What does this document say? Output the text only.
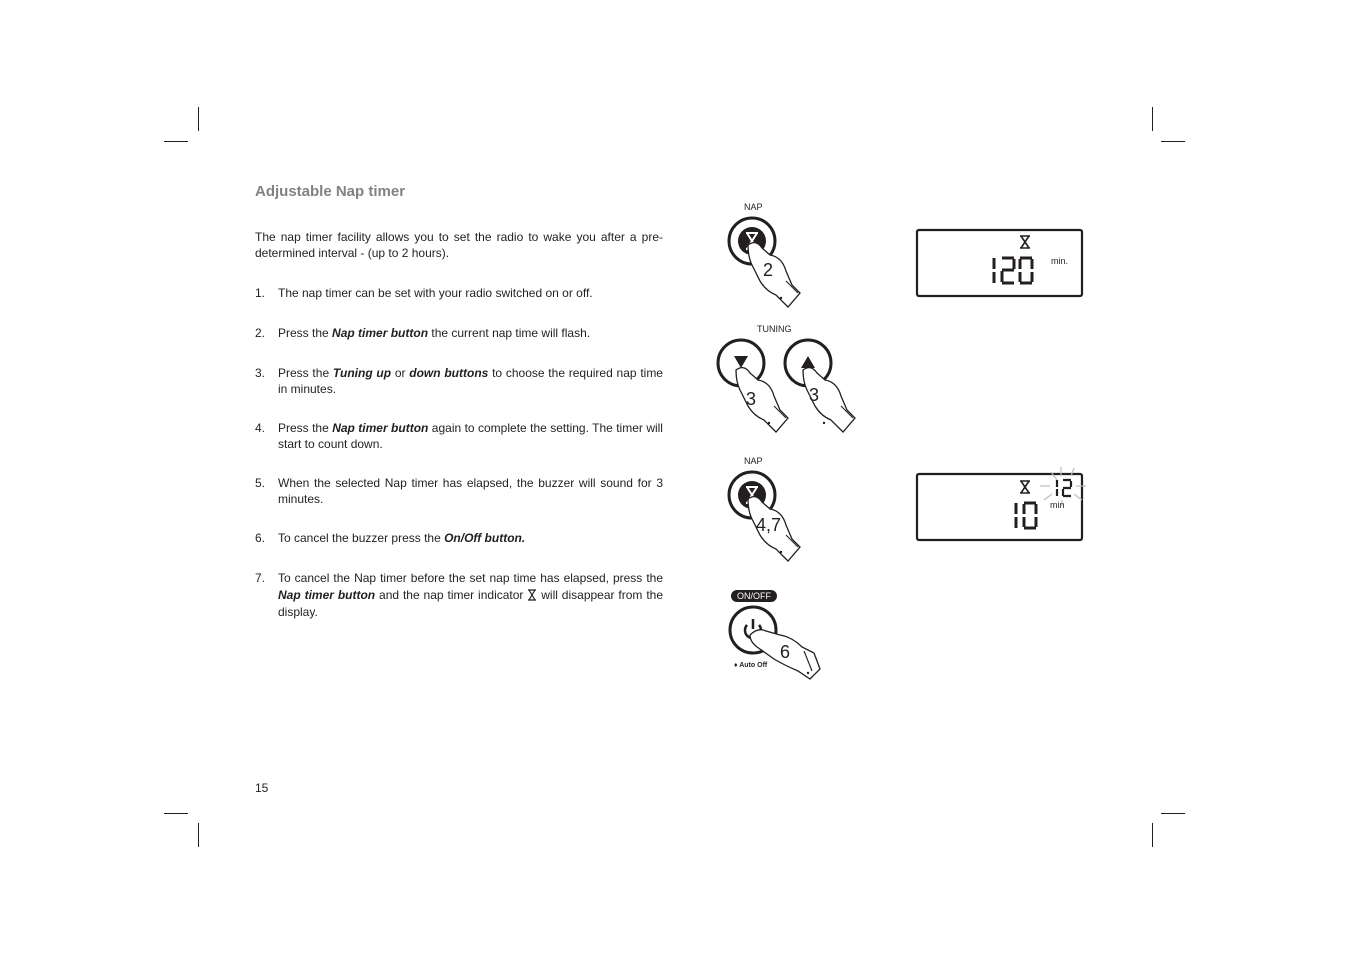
Adjustable Nap timer

The nap timer facility allows you to set the radio to wake you after a pre-determined interval - (up to 2 hours).

1. The nap timer can be set with your radio switched on or off.
2. Press the Nap timer button the current nap time will flash.
3. Press the Tuning up or down buttons to choose the required nap time in minutes.
4. Press the Nap timer button again to complete the setting. The timer will start to count down.
5. When the selected Nap timer has elapsed, the buzzer will sound for 3 minutes.
6. To cancel the buzzer press the On/Off button.
7. To cancel the Nap timer before the set nap time has elapsed, press the Nap timer button and the nap timer indicator  will disappear from the display.
15
NAP
2	min.
TUNING
3	3
NAP
4,7
min
ON/OFF
6
♦ Auto Off
